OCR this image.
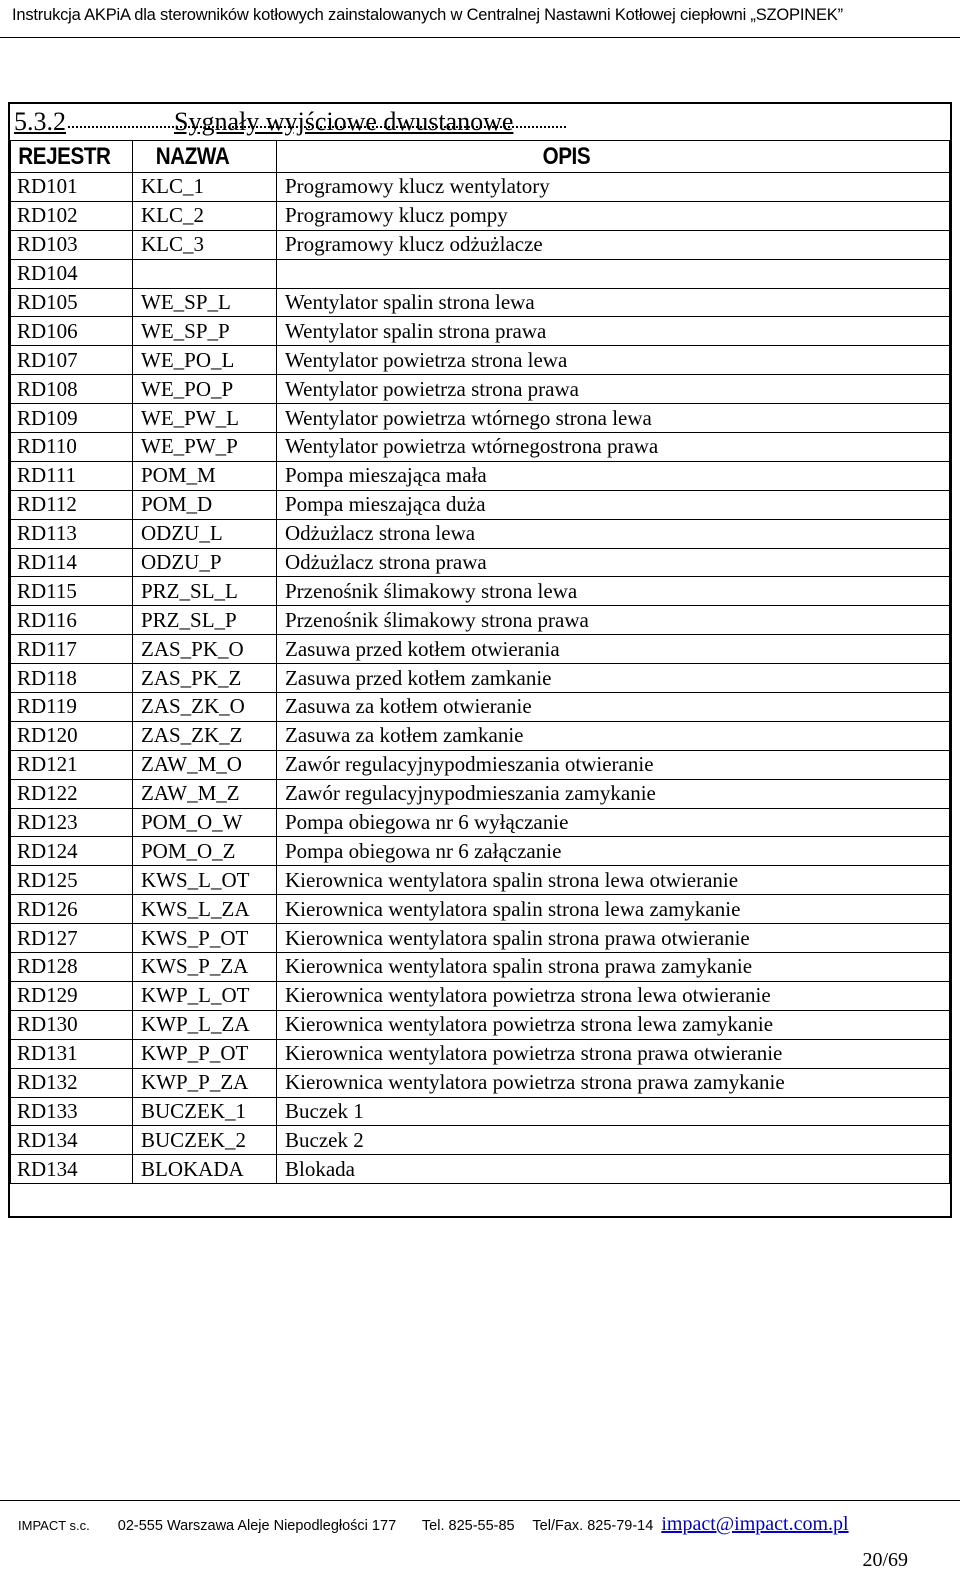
Instrukcja AKPiA dla sterowników kotłowych zainstalowanych w Centralnej Nastawni Kotłowej ciepłowni „SZOPINEK”
5.3.2	Sygnały wyjściowe dwustanowe
REJESTR	NAZWA	OPIS
RD101	KLC_1	Programowy klucz wentylatory
RD102	KLC_2	Programowy klucz pompy
RD103	KLC_3	Programowy klucz odżużlacze
RD104		
RD105	WE_SP_L	Wentylator spalin strona lewa
RD106	WE_SP_P	Wentylator spalin strona prawa
RD107	WE_PO_L	Wentylator powietrza strona lewa
RD108	WE_PO_P	Wentylator powietrza strona prawa
RD109	WE_PW_L	Wentylator powietrza wtórnego strona lewa
RD110	WE_PW_P	Wentylator powietrza wtórnegostrona prawa
RD111	POM_M	Pompa mieszająca mała
RD112	POM_D	Pompa mieszająca duża
RD113	ODZU_L	Odżużlacz strona lewa
RD114	ODZU_P	Odżużlacz strona prawa
RD115	PRZ_SL_L	Przenośnik ślimakowy strona lewa
RD116	PRZ_SL_P	Przenośnik ślimakowy strona prawa
RD117	ZAS_PK_O	Zasuwa przed kotłem otwierania
RD118	ZAS_PK_Z	Zasuwa przed kotłem zamkanie
RD119	ZAS_ZK_O	Zasuwa za kotłem otwieranie
RD120	ZAS_ZK_Z	Zasuwa za kotłem zamkanie
RD121	ZAW_M_O	Zawór regulacyjnypodmieszania otwieranie
RD122	ZAW_M_Z	Zawór regulacyjnypodmieszania zamykanie
RD123	POM_O_W	Pompa obiegowa nr 6 wyłączanie
RD124	POM_O_Z	Pompa obiegowa nr 6 załączanie
RD125	KWS_L_OT	Kierownica wentylatora spalin strona lewa otwieranie
RD126	KWS_L_ZA	Kierownica wentylatora spalin strona lewa zamykanie
RD127	KWS_P_OT	Kierownica wentylatora spalin strona prawa otwieranie
RD128	KWS_P_ZA	Kierownica wentylatora spalin strona prawa zamykanie
RD129	KWP_L_OT	Kierownica wentylatora powietrza strona lewa otwieranie
RD130	KWP_L_ZA	Kierownica wentylatora powietrza strona lewa zamykanie
RD131	KWP_P_OT	Kierownica wentylatora powietrza strona prawa otwieranie
RD132	KWP_P_ZA	Kierownica wentylatora powietrza strona prawa zamykanie
RD133	BUCZEK_1	Buczek 1
RD134	BUCZEK_2	Buczek 2
RD134	BLOKADA	Blokada
IMPACT s.c. 02-555 Warszawa Aleje Niepodległości 177 Tel. 825-55-85 Tel/Fax. 825-79-14 impact@impact.com.pl
20/69
